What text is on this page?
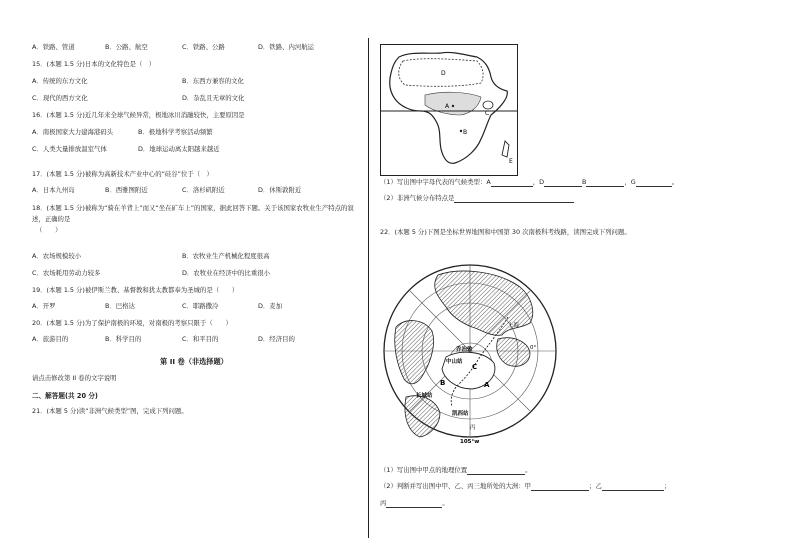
A．铁路、管道	B．公路、航空	C．铁路、公路	D．铁路、内河航运
15．(本题 1.5 分)日本的文化特色是（　）
A．传统的东方文化	B．东西方兼容的文化
C．现代的西方文化	D．杂乱且无章的文化
16．(本题 1.5 分)近几年来全球气候异常，极地冰川消融较快，主要原因是
A．南极国家大力建海港码头	B．极地科学考察活动频繁
C．人类大量排放温室气体	D．地球运动离太阳越来越近
17．(本题 1.5 分)被称为高新技术产业中心的“硅谷”位于（　）
A．日本九州岛	B．西雅图附近	C．洛杉矶附近	D．休斯敦附近
18．(本题 1.5 分)被称为“骑在羊背上”而又“坐在矿车上”的国家，据此回答下题。关于该国家农牧业生产特点的叙述，正确的是
（　　）
A．农场规模较小	B．农牧业生产机械化程度很高
C．农场耗用劳动力较多	D．农牧业在经济中的比重很小
19．(本题 1.5 分)被伊斯兰教、基督教和犹太教都奉为圣城的是（　　）
A．开罗	B．巴格达	C．耶路撒冷	D．麦加
20．(本题 1.5 分)为了保护南极的环境，对南极的考察只限于（　　）
A．旅游目的	B．科学目的	C．和平目的	D．经济目的
第 II 卷（非选择题）
请点击修改第 II 卷的文字说明
二、解答题(共 20 分)
21．(本题 5 分)读“非洲气候类型”图，完成下列问题。
D
A
C
B
E
（1）写出图中字母代表的气候类型：A	，D	B	，G	。
（2）非洲气候分布特点是
22．(本题 5 分)下图是坐标世界地图和中国第 30 次南极科考线路，读图完成下列问题。
上海
长城站
中山站
乔治敦
凯西站
0°
105°w
C
B	A
丙
（1）写出图中甲点的地理位置	。
（2）判断并写出图中甲、乙、丙三地所处的大洲：甲	；乙	；
丙	。
